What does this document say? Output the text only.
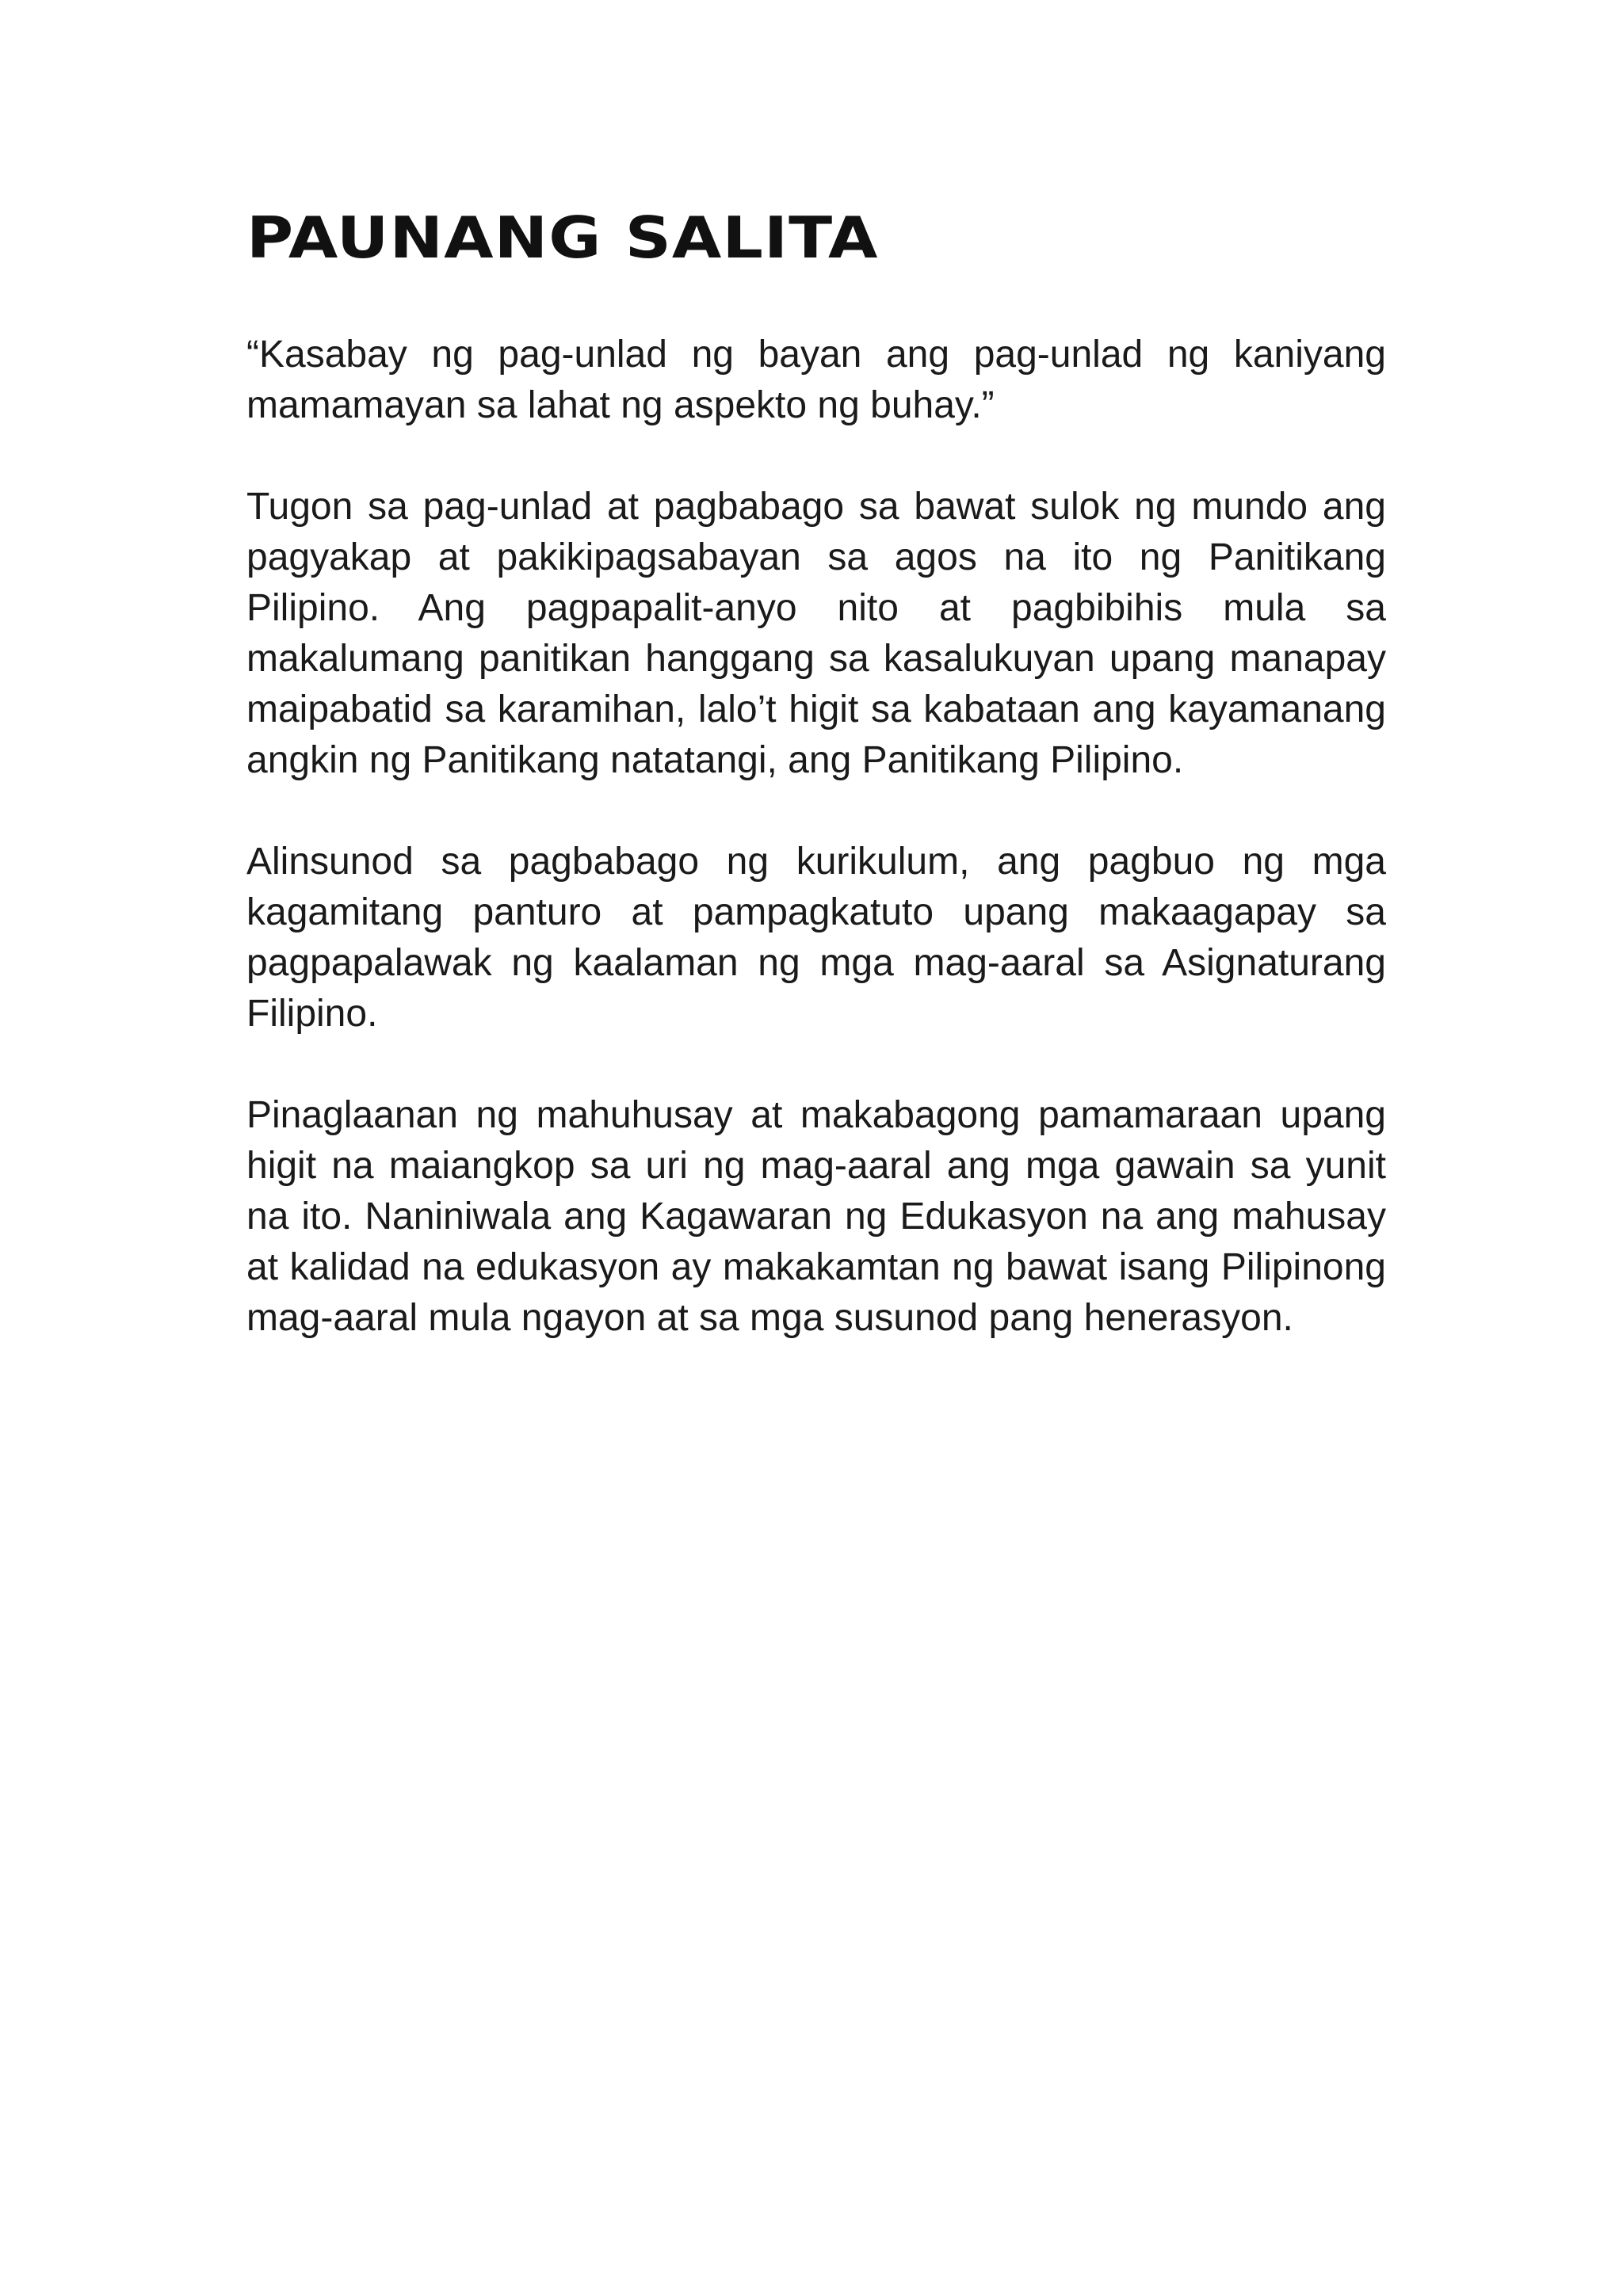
PAUNANG SALITA

“Kasabay ng pag-unlad ng bayan ang pag-unlad ng kaniyang mamamayan sa lahat ng aspekto ng buhay.”

Tugon sa pag-unlad at pagbabago sa bawat sulok ng mundo ang pagyakap at pakikipagsabayan sa agos na ito ng Panitikang Pilipino. Ang pagpapalit-anyo nito at pagbibihis mula sa makalumang panitikan hanggang sa kasalukuyan upang manapay maipabatid sa karamihan, lalo’t higit sa kabataan ang kayamanang angkin ng Panitikang natatangi, ang Panitikang Pilipino.

Alinsunod sa pagbabago ng kurikulum, ang pagbuo ng mga kagamitang panturo at pampagkatuto upang makaagapay sa pagpapalawak ng kaalaman ng mga mag-aaral sa Asignaturang Filipino.

Pinaglaanan ng mahuhusay at makabagong pamamaraan upang higit na maiangkop sa uri ng mag-aaral ang mga gawain sa yunit na ito. Naniniwala ang Kagawaran ng Edukasyon na ang mahusay at kalidad na edukasyon ay makakamtan ng bawat isang Pilipinong mag-aaral mula ngayon at sa mga susunod pang henerasyon.
